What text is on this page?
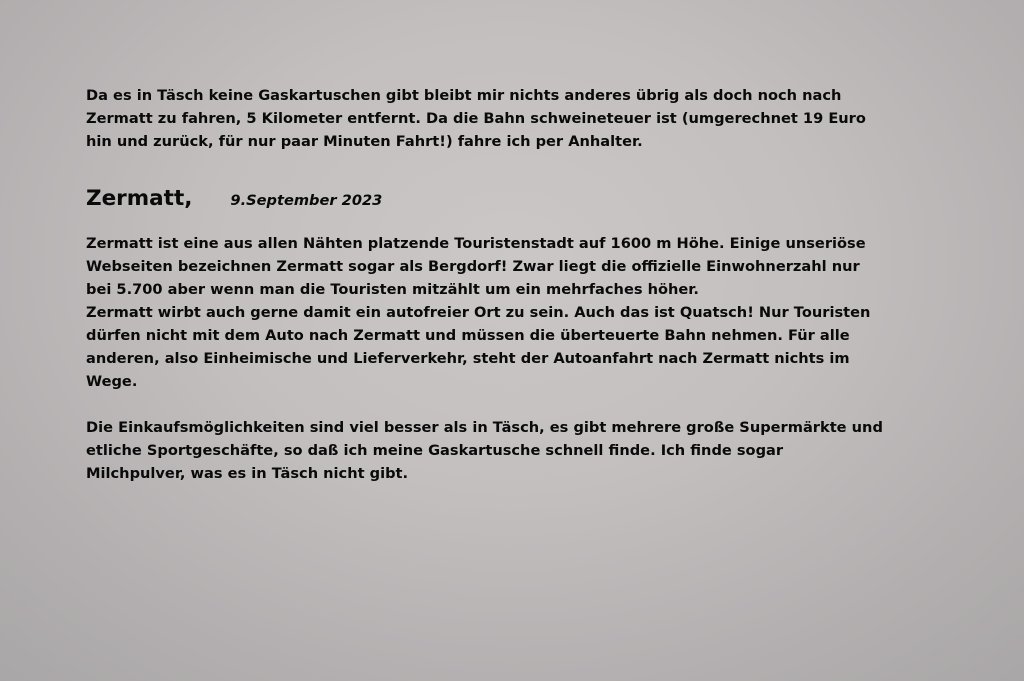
Da es in Täsch keine Gaskartuschen gibt bleibt mir nichts anderes übrig als doch noch nach Zermatt zu fahren, 5 Kilometer entfernt. Da die Bahn schweineteuer ist (umgerechnet 19 Euro hin und zurück, für nur paar Minuten Fahrt!) fahre ich per Anhalter.

Zermatt ,	9.September 2023

Zermatt ist eine aus allen Nähten platzende Touristenstadt auf 1600 m Höhe. Einige unseriöse Webseiten bezeichnen Zermatt sogar als Bergdorf! Zwar liegt die offizielle Einwohnerzahl nur bei 5.700 aber wenn man die Touristen mitzählt um ein mehrfaches höher.

Zermatt wirbt auch gerne damit ein autofreier Ort zu sein. Auch das ist Quatsch! Nur Touristen dürfen nicht mit dem Auto nach Zermatt und müssen die überteuerte Bahn nehmen. Für alle anderen, also Einheimische und Lieferverkehr, steht der Autoanfahrt nach Zermatt nichts im Wege.

Die Einkaufsmöglichkeiten sind viel besser als in Täsch, es gibt mehrere große Supermärkte und etliche Sportgeschäfte, so daß ich meine Gaskartusche schnell finde. Ich finde sogar Milchpulver, was es in Täsch nicht gibt.
